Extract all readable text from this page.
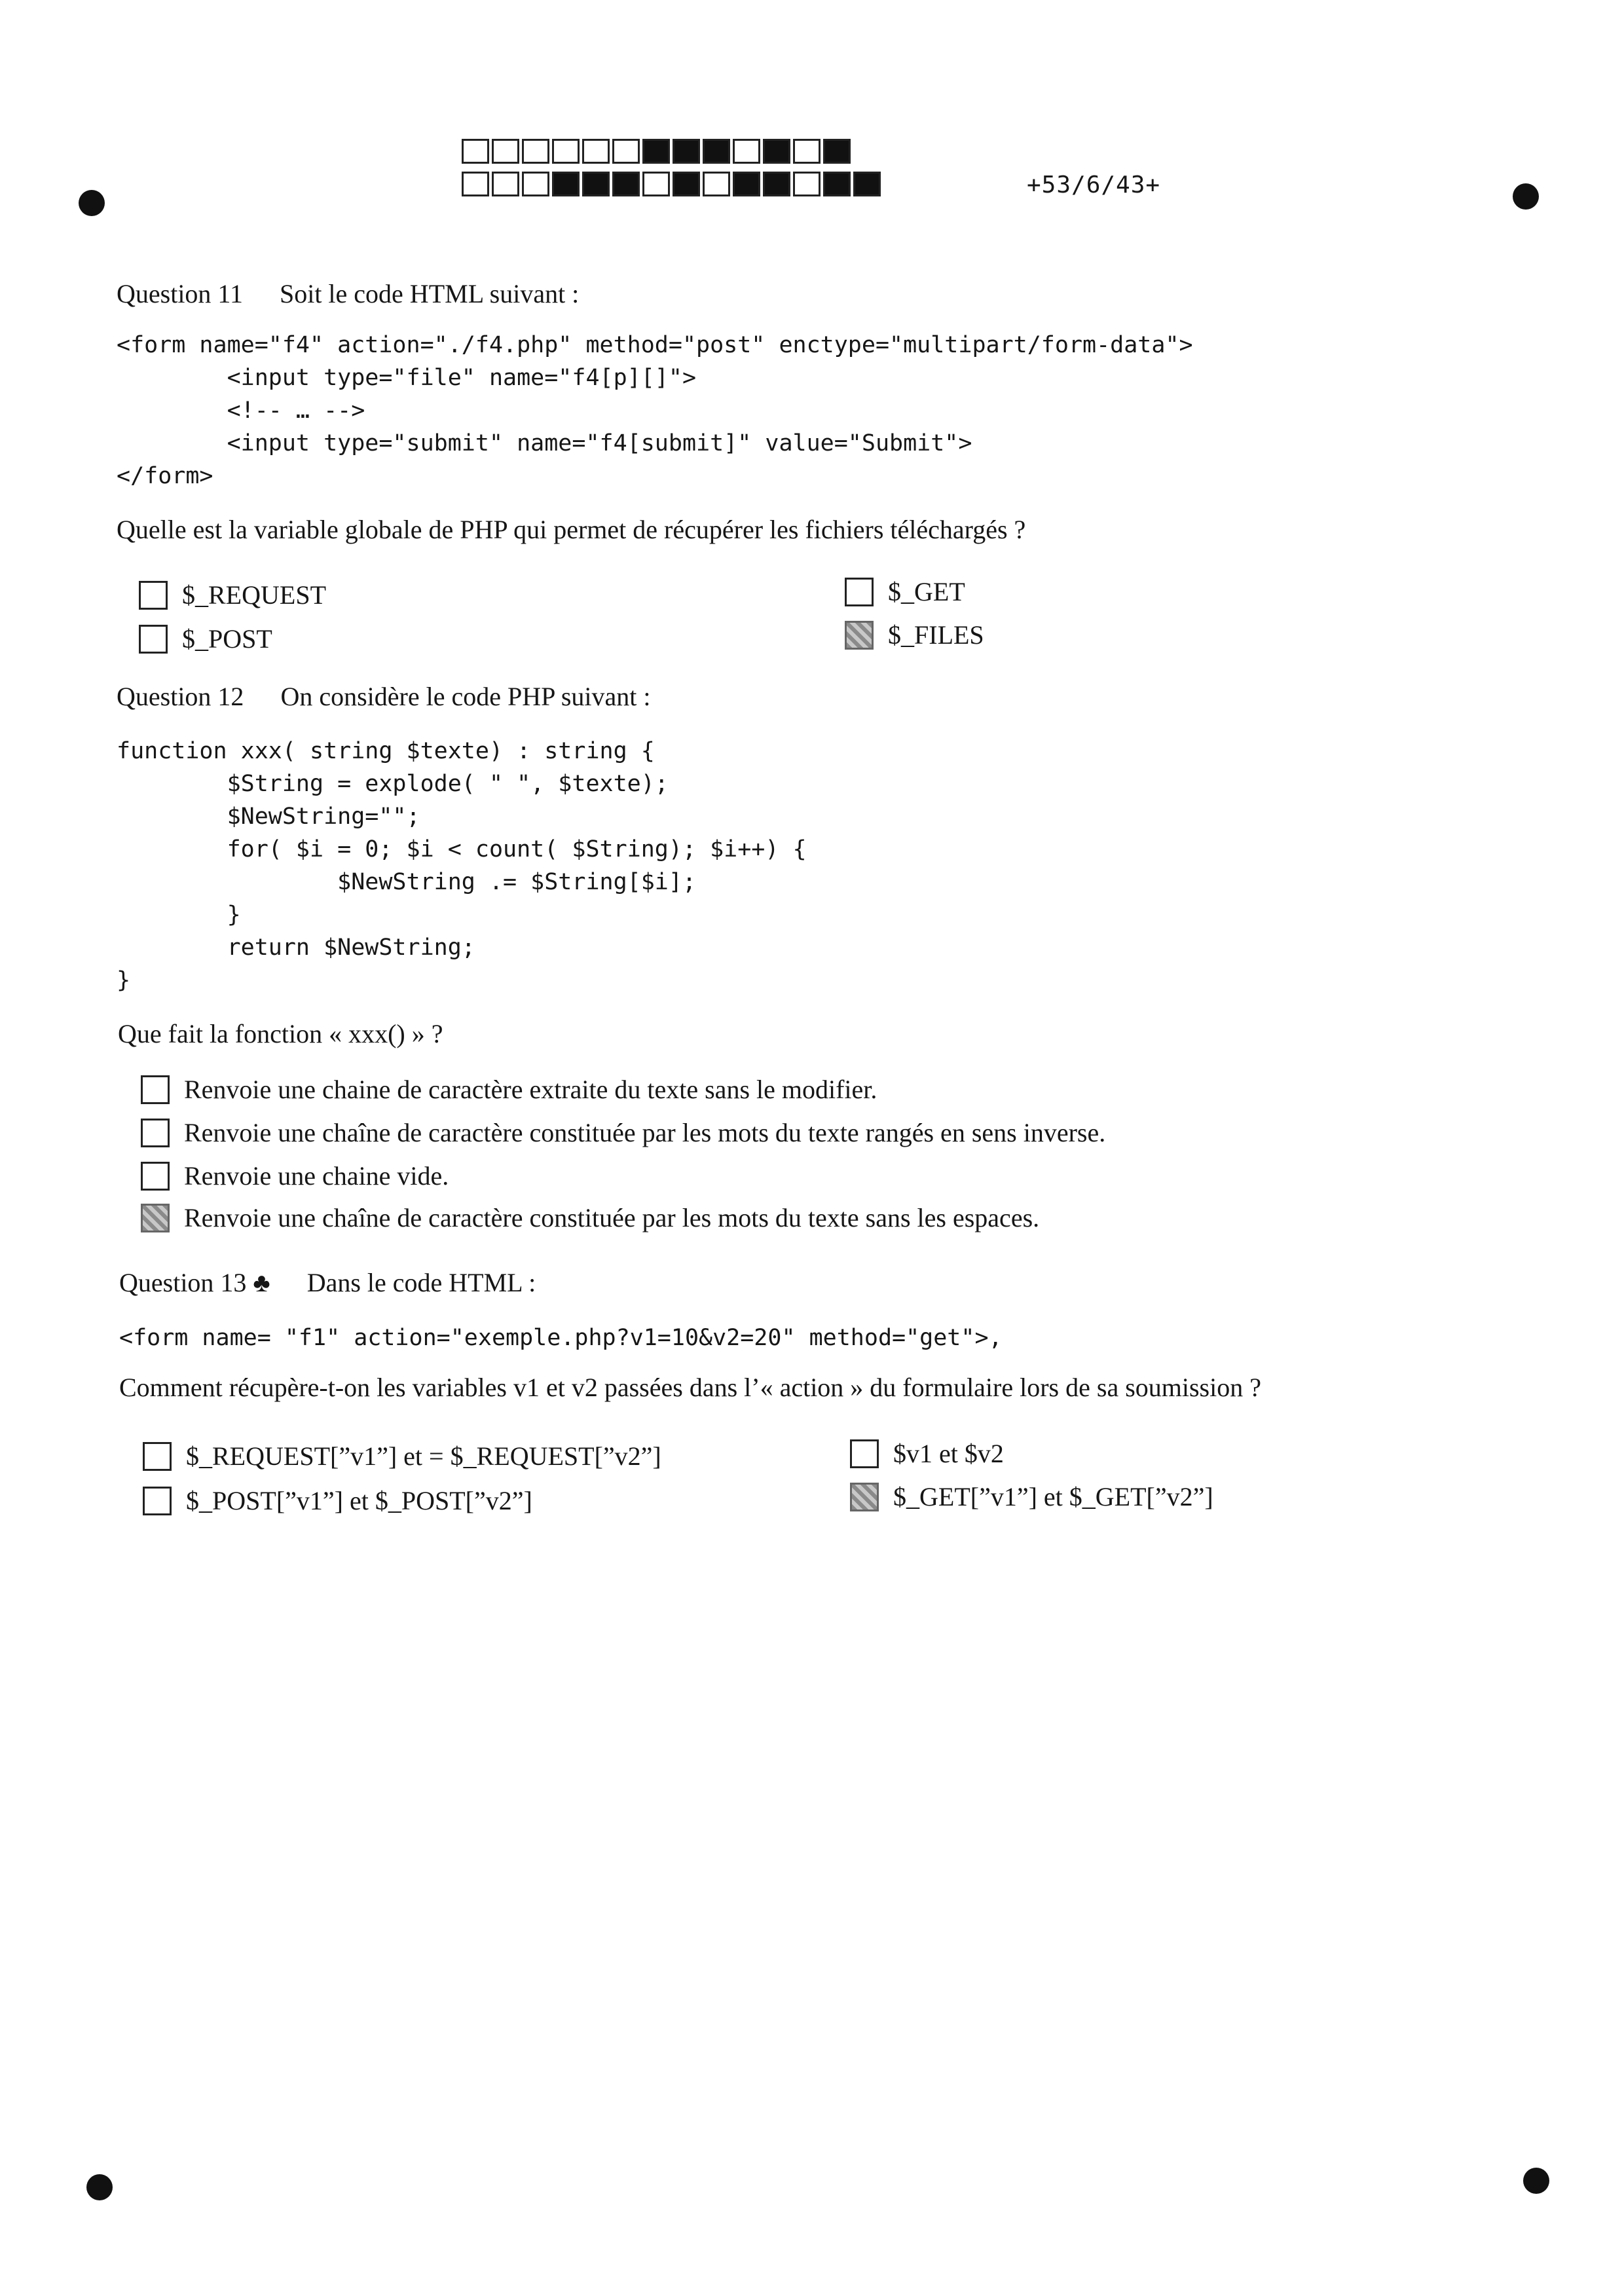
+53/6/43+
Question 11 Soit le code HTML suivant :
<form name="f4" action="./f4.php" method="post" enctype="multipart/form-data">
<input type="file" name="f4[p][]">
<!-- … -->
<input type="submit" name="f4[submit]" value="Submit">
</form>
Quelle est la variable globale de PHP qui permet de récupérer les fichiers téléchargés ?
$_REQUEST	$_GET
$_POST	$_FILES
Question 12 On considère le code PHP suivant :
function xxx( string $texte) : string {
$String = explode( " ", $texte);
$NewString="";
for( $i = 0; $i < count( $String); $i++) {
$NewString .= $String[$i];
}
return $NewString;
}
Que fait la fonction « xxx() » ?
Renvoie une chaine de caractère extraite du texte sans le modifier.
Renvoie une chaîne de caractère constituée par les mots du texte rangés en sens inverse.
Renvoie une chaine vide.
Renvoie une chaîne de caractère constituée par les mots du texte sans les espaces.
Question 13 ♣ Dans le code HTML :
<form name= "f1" action="exemple.php?v1=10&v2=20" method="get">,
Comment récupère-t-on les variables v1 et v2 passées dans l’« action » du formulaire lors de sa soumission ?
$_REQUEST[”v1”] et = $_REQUEST[”v2”]	$v1 et $v2
$_POST[”v1”] et $_POST[”v2”]	$_GET[”v1”] et $_GET[”v2”]
